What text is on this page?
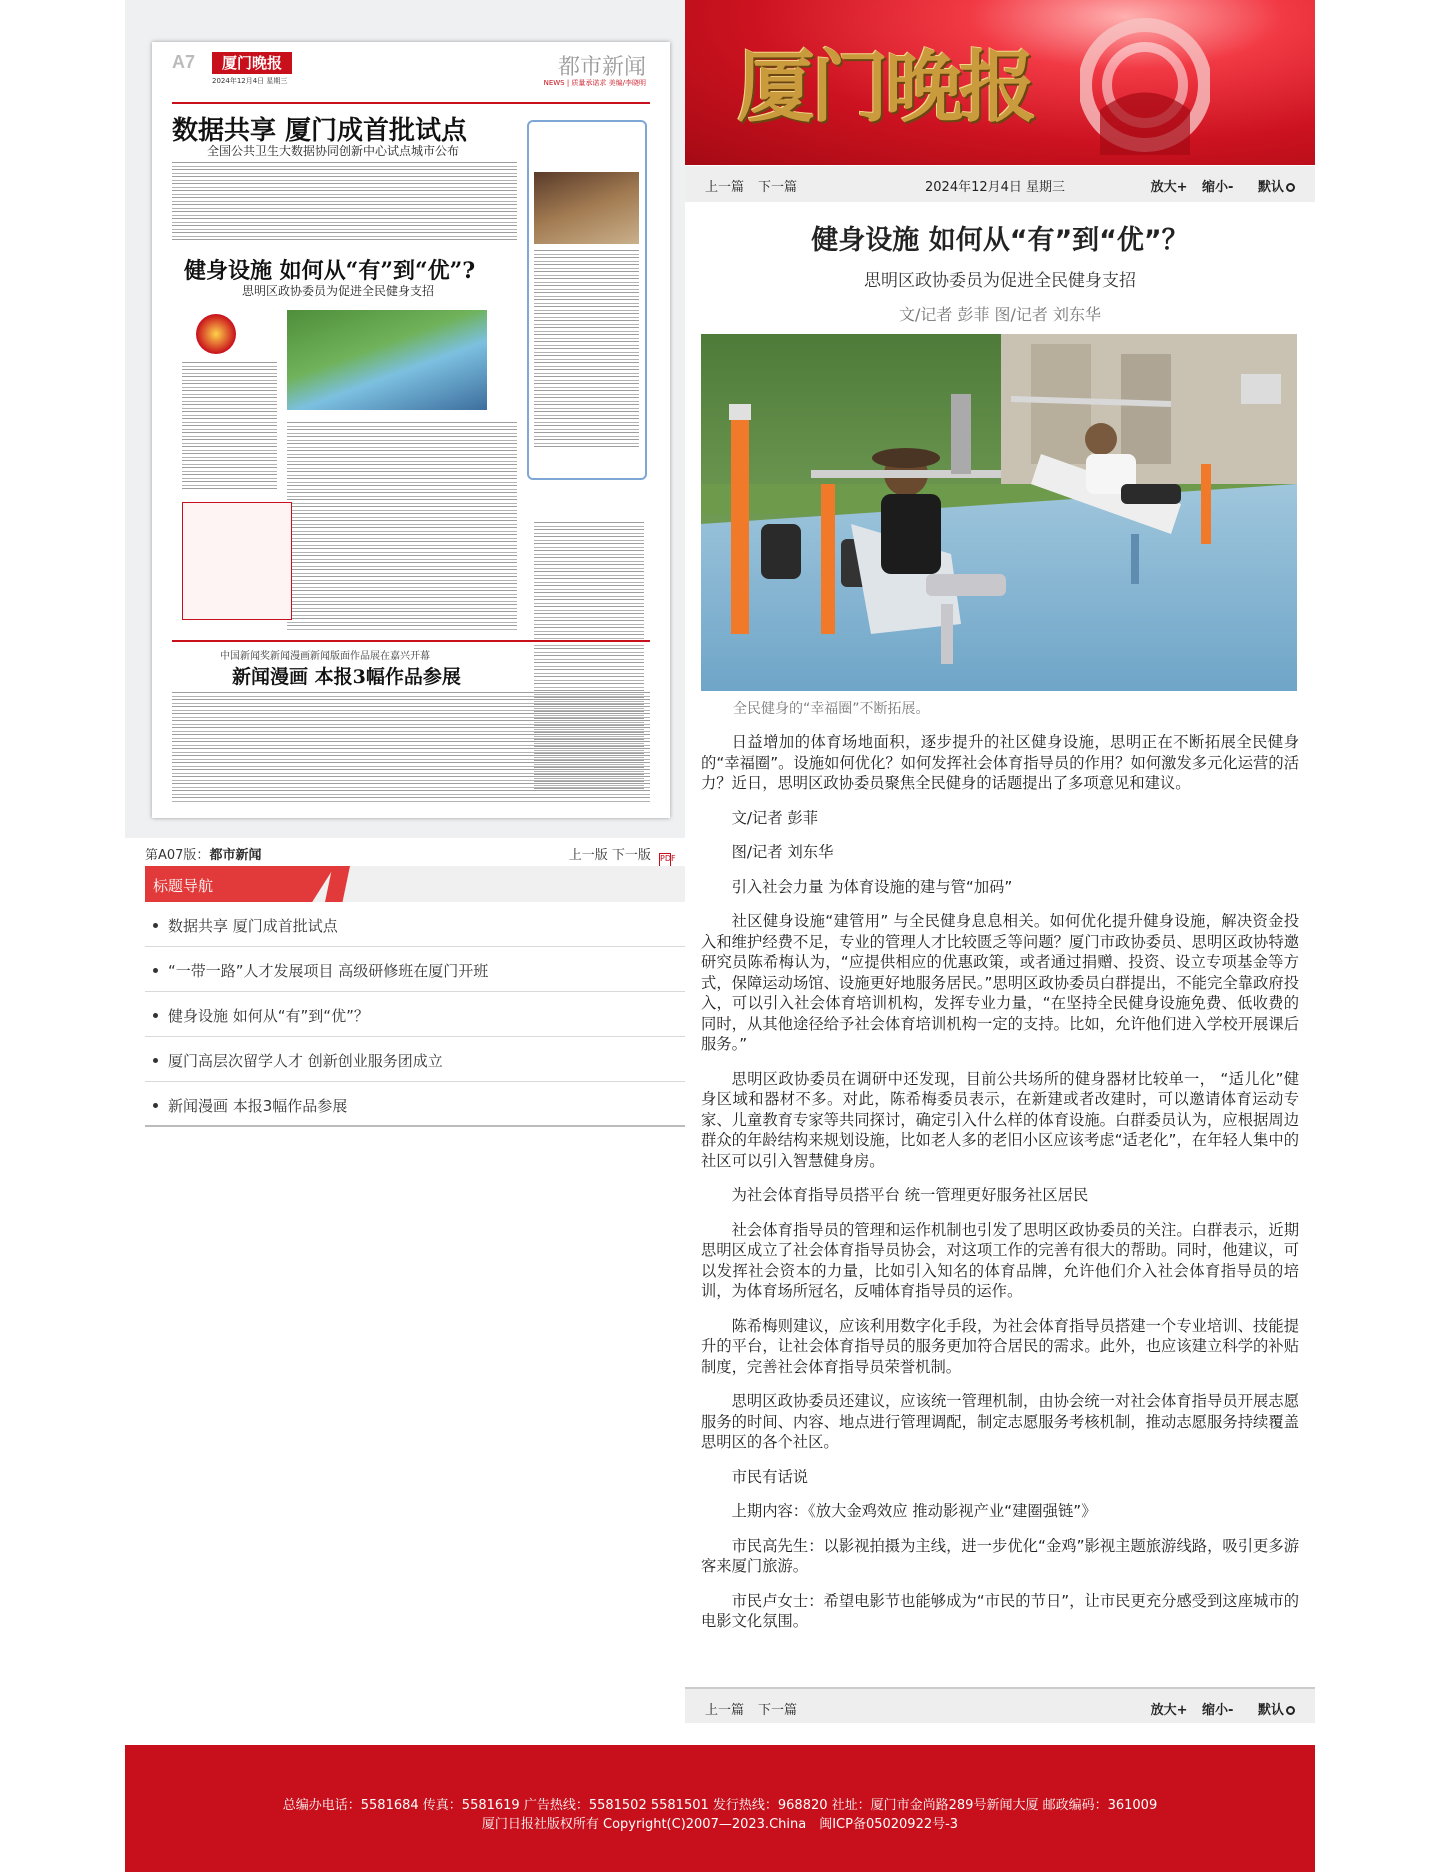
A7	厦门晚报
2024年12月4日 星期三
都市新闻
NEWS | 质量承诺求 美编/李晓明
数据共享 厦门成首批试点
全国公共卫生大数据协同创新中心试点城市公布
健身设施 如何从“有”到“优”?
思明区政协委员为促进全民健身支招
中国新闻奖新闻漫画新闻版面作品展在嘉兴开幕
新闻漫画 本报3幅作品参展
第A07版：都市新闻	上一版 下一版 PDF
标题导航
数据共享 厦门成首批试点
“一带一路”人才发展项目 高级研修班在厦门开班
健身设施 如何从“有”到“优”？
厦门高层次留学人才 创新创业服务团成立
新闻漫画 本报3幅作品参展
厦门晚报
上一篇 下一篇	2024年12月4日 星期三	放大+ 缩小- 默认
健身设施 如何从“有”到“优”？
思明区政协委员为促进全民健身支招
文/记者 彭菲 图/记者 刘东华
全民健身的“幸福圈”不断拓展。

日益增加的体育场地面积，逐步提升的社区健身设施，思明正在不断拓展全民健身的“幸福圈”。设施如何优化？如何发挥社会体育指导员的作用？如何激发多元化运营的活力？近日，思明区政协委员聚焦全民健身的话题提出了多项意见和建议。

文/记者 彭菲

图/记者 刘东华

引入社会力量 为体育设施的建与管“加码”

社区健身设施“建管用” 与全民健身息息相关。如何优化提升健身设施，解决资金投入和维护经费不足，专业的管理人才比较匮乏等问题？厦门市政协委员、思明区政协特邀研究员陈希梅认为，“应提供相应的优惠政策，或者通过捐赠、投资、设立专项基金等方式，保障运动场馆、设施更好地服务居民。”思明区政协委员白群提出，不能完全靠政府投入，可以引入社会体育培训机构，发挥专业力量，“在坚持全民健身设施免费、低收费的同时，从其他途径给予社会体育培训机构一定的支持。比如，允许他们进入学校开展课后服务。”

思明区政协委员在调研中还发现，目前公共场所的健身器材比较单一， “适儿化”健身区域和器材不多。对此，陈希梅委员表示，在新建或者改建时，可以邀请体育运动专家、儿童教育专家等共同探讨，确定引入什么样的体育设施。白群委员认为，应根据周边群众的年龄结构来规划设施，比如老人多的老旧小区应该考虑“适老化”，在年轻人集中的社区可以引入智慧健身房。

为社会体育指导员搭平台 统一管理更好服务社区居民

社会体育指导员的管理和运作机制也引发了思明区政协委员的关注。白群表示，近期思明区成立了社会体育指导员协会，对这项工作的完善有很大的帮助。同时，他建议，可以发挥社会资本的力量，比如引入知名的体育品牌，允许他们介入社会体育指导员的培训，为体育场所冠名，反哺体育指导员的运作。

陈希梅则建议，应该利用数字化手段，为社会体育指导员搭建一个专业培训、技能提升的平台，让社会体育指导员的服务更加符合居民的需求。此外，也应该建立科学的补贴制度，完善社会体育指导员荣誉机制。

思明区政协委员还建议，应该统一管理机制，由协会统一对社会体育指导员开展志愿服务的时间、内容、地点进行管理调配，制定志愿服务考核机制，推动志愿服务持续覆盖思明区的各个社区。

市民有话说

上期内容：《放大金鸡效应 推动影视产业“建圈强链”》

市民高先生：以影视拍摄为主线，进一步优化“金鸡”影视主题旅游线路，吸引更多游客来厦门旅游。

市民卢女士：希望电影节也能够成为“市民的节日”，让市民更充分感受到这座城市的电影文化氛围。

上一篇 下一篇	放大+ 缩小- 默认
总编办电话：5581684 传真：5581619 广告热线：5581502 5581501 发行热线：968820 社址：厦门市金尚路289号新闻大厦 邮政编码：361009
厦门日报社版权所有 Copyright(C)2007—2023.China　闽ICP备05020922号-3
